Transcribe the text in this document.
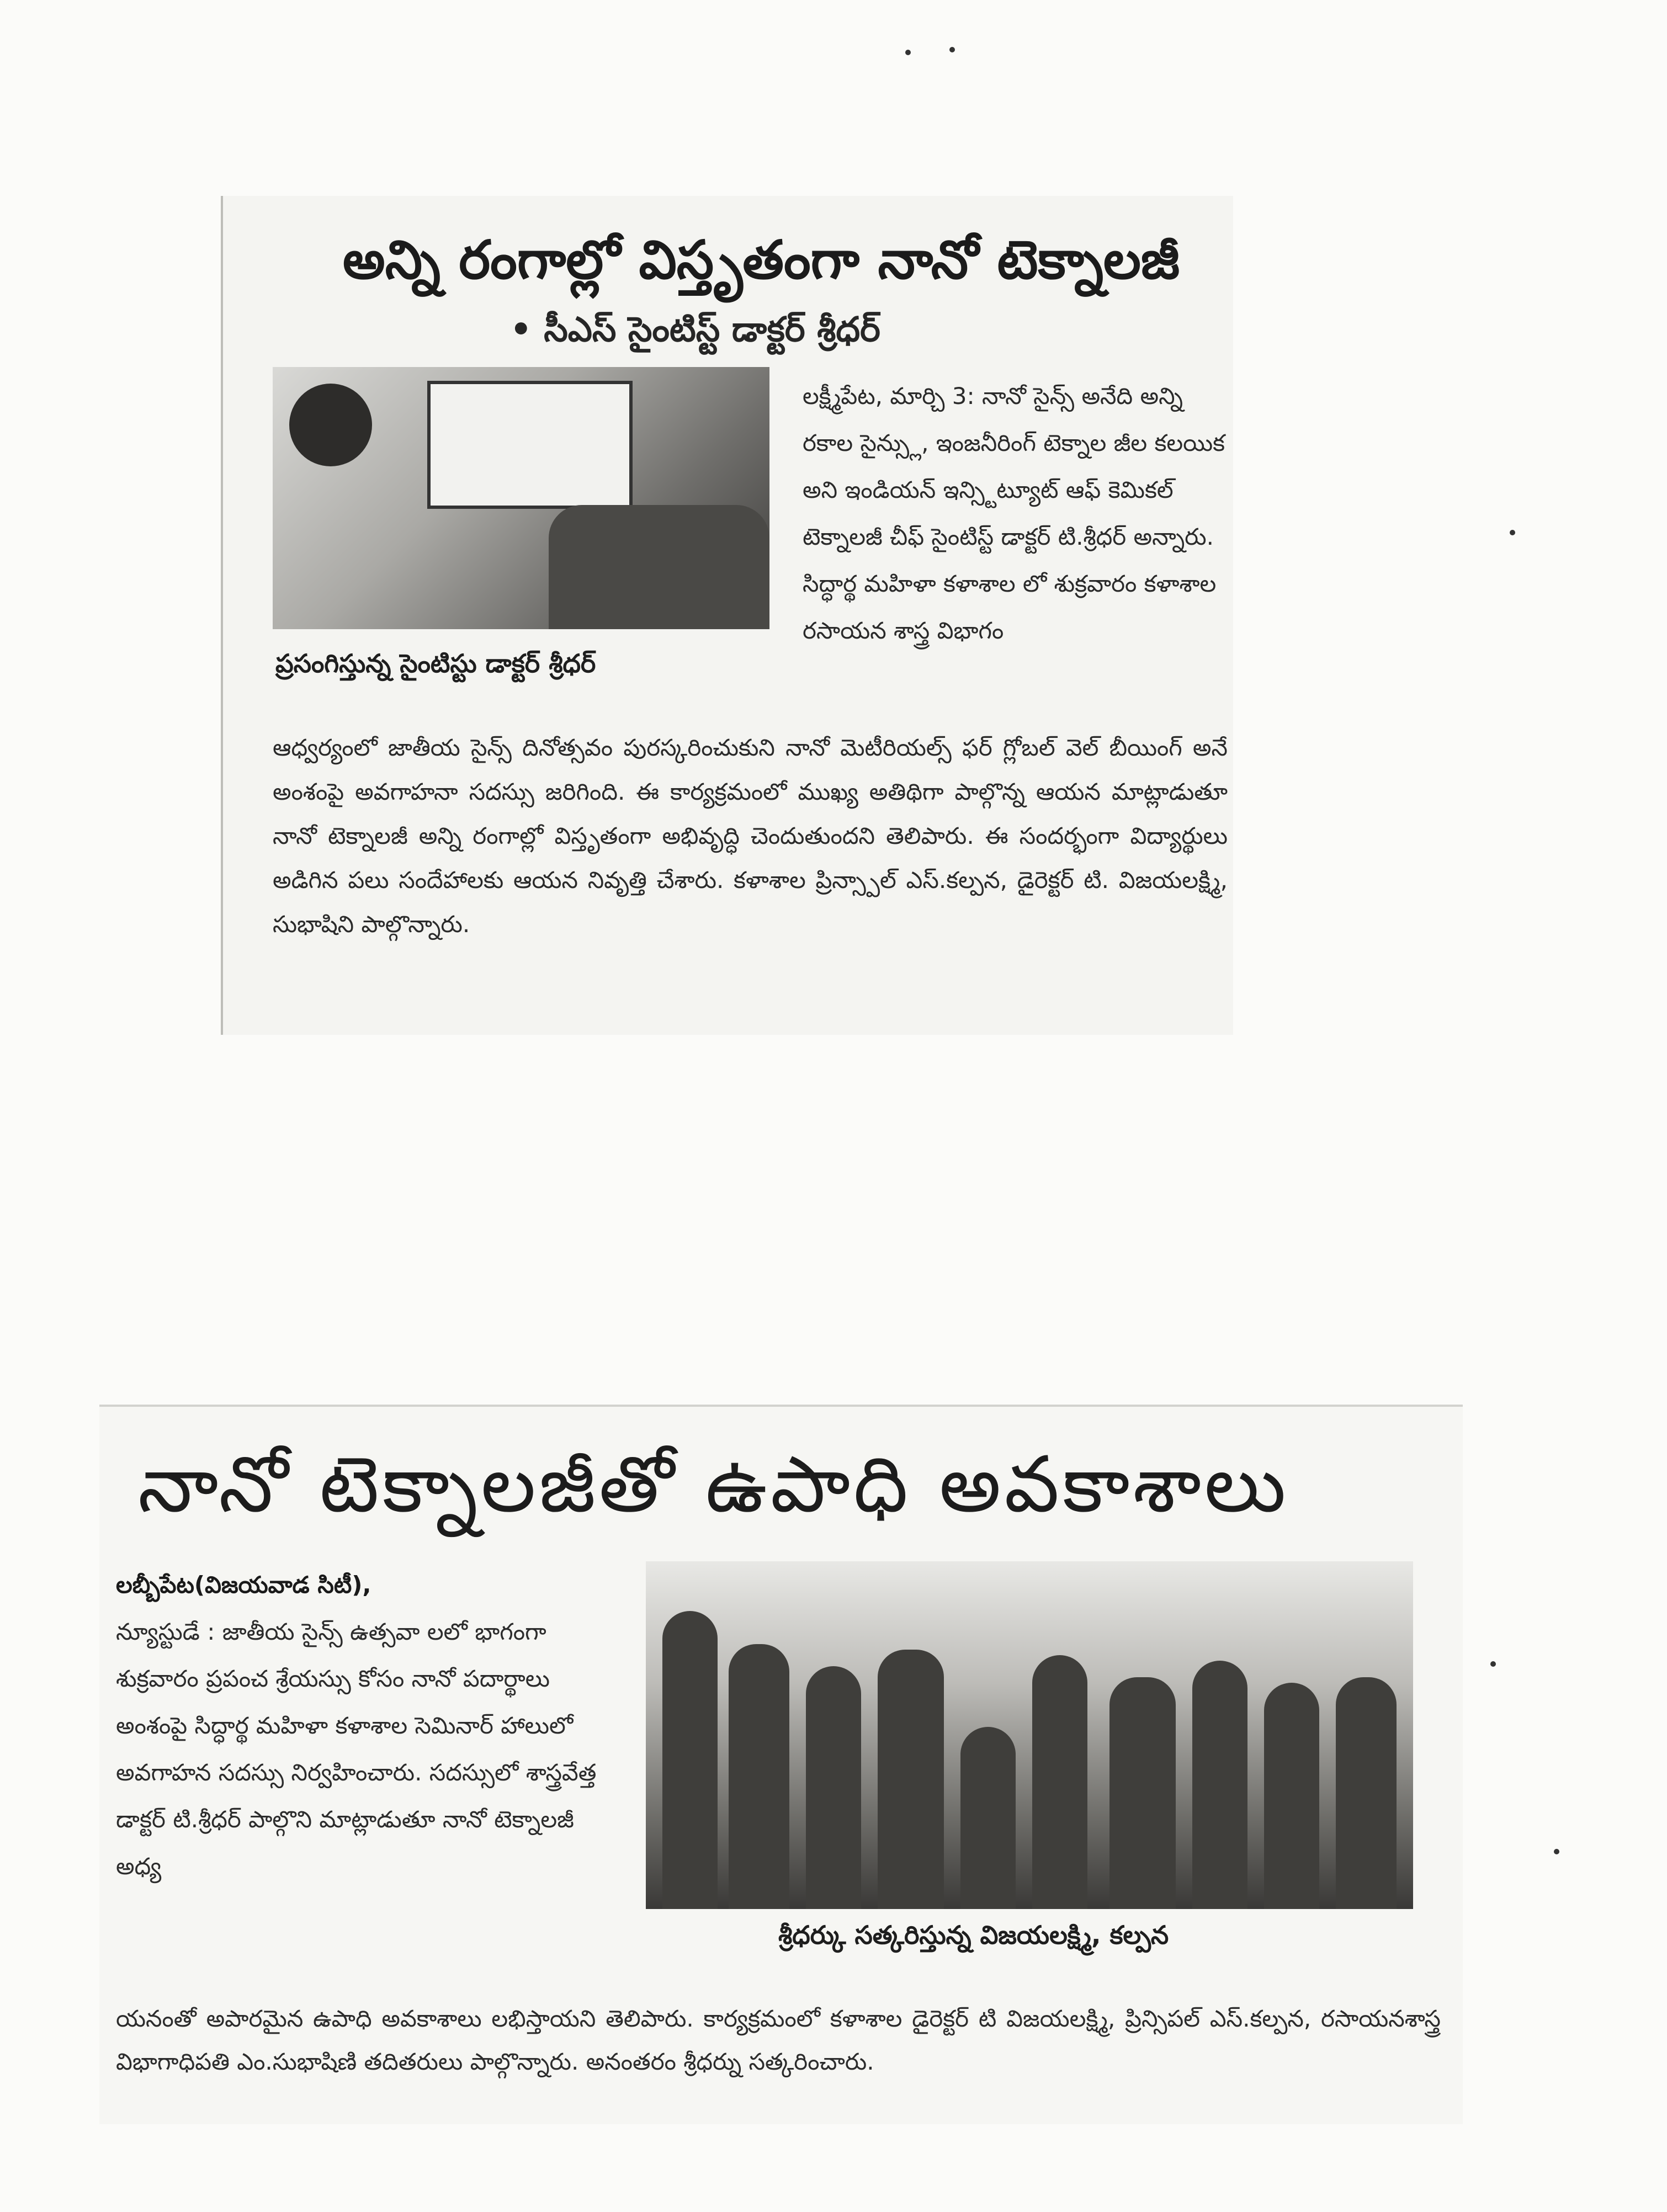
అన్ని రంగాల్లో విస్తృతంగా నానో టెక్నాలజీ
• సీఎస్ సైంటిస్ట్ డాక్టర్ శ్రీధర్
ప్రసంగిస్తున్న సైంటిస్టు డాక్టర్ శ్రీధర్
లక్ష్మీపేట, మార్చి 3: నానో సైన్స్ అనేది అన్ని రకాల సైన్స్లు, ఇంజనీరింగ్ టెక్నాల జీల కలయిక అని ఇండియన్ ఇన్స్టిట్యూట్ ఆఫ్ కెమికల్ టెక్నాలజీ చీఫ్ సైంటిస్ట్ డాక్టర్ టి.శ్రీధర్ అన్నారు. సిద్ధార్థ మహిళా కళాశాల లో శుక్రవారం కళాశాల రసాయన శాస్త్ర విభాగం
ఆధ్వర్యంలో జాతీయ సైన్స్ దినోత్సవం పురస్కరించుకుని నానో మెటీరియల్స్ ఫర్ గ్లోబల్ వెల్ బీయింగ్ అనే అంశంపై అవగాహనా సదస్సు జరిగింది. ఈ కార్యక్రమంలో ముఖ్య అతిథిగా పాల్గొన్న ఆయన మాట్లాడుతూ నానో టెక్నాలజీ అన్ని రంగాల్లో విస్తృతంగా అభివృద్ధి చెందుతుందని తెలిపారు. ఈ సందర్భంగా విద్యార్థులు అడిగిన పలు సందేహాలకు ఆయన నివృత్తి చేశారు. కళాశాల ప్రిన్స్పాల్ ఎస్.కల్పన, డైరెక్టర్ టి. విజయలక్ష్మి, సుభాషిని పాల్గొన్నారు.
నానో టెక్నాలజీతో ఉపాధి అవకాశాలు
లబ్బీపేట(విజయవాడ సిటీ),
న్యూస్టుడే : జాతీయ సైన్స్ ఉత్సవా లలో భాగంగా శుక్రవారం ప్రపంచ శ్రేయస్సు కోసం నానో పదార్థాలు అంశంపై సిద్ధార్థ మహిళా కళాశాల సెమినార్ హాలులో అవగాహన సదస్సు నిర్వహించారు. సదస్సులో శాస్త్రవేత్త డాక్టర్ టి.శ్రీధర్ పాల్గొని మాట్లాడుతూ నానో టెక్నాలజీ అధ్య
శ్రీధర్కు సత్కరిస్తున్న విజయలక్ష్మి, కల్పన
యనంతో అపారమైన ఉపాధి అవకాశాలు లభిస్తాయని తెలిపారు. కార్యక్రమంలో కళాశాల డైరెక్టర్ టి విజయలక్ష్మి, ప్రిన్సిపల్ ఎస్.కల్పన, రసాయనశాస్త్ర విభాగాధిపతి ఎం.సుభాషిణి తదితరులు పాల్గొన్నారు. అనంతరం శ్రీధర్ను సత్కరించారు.
